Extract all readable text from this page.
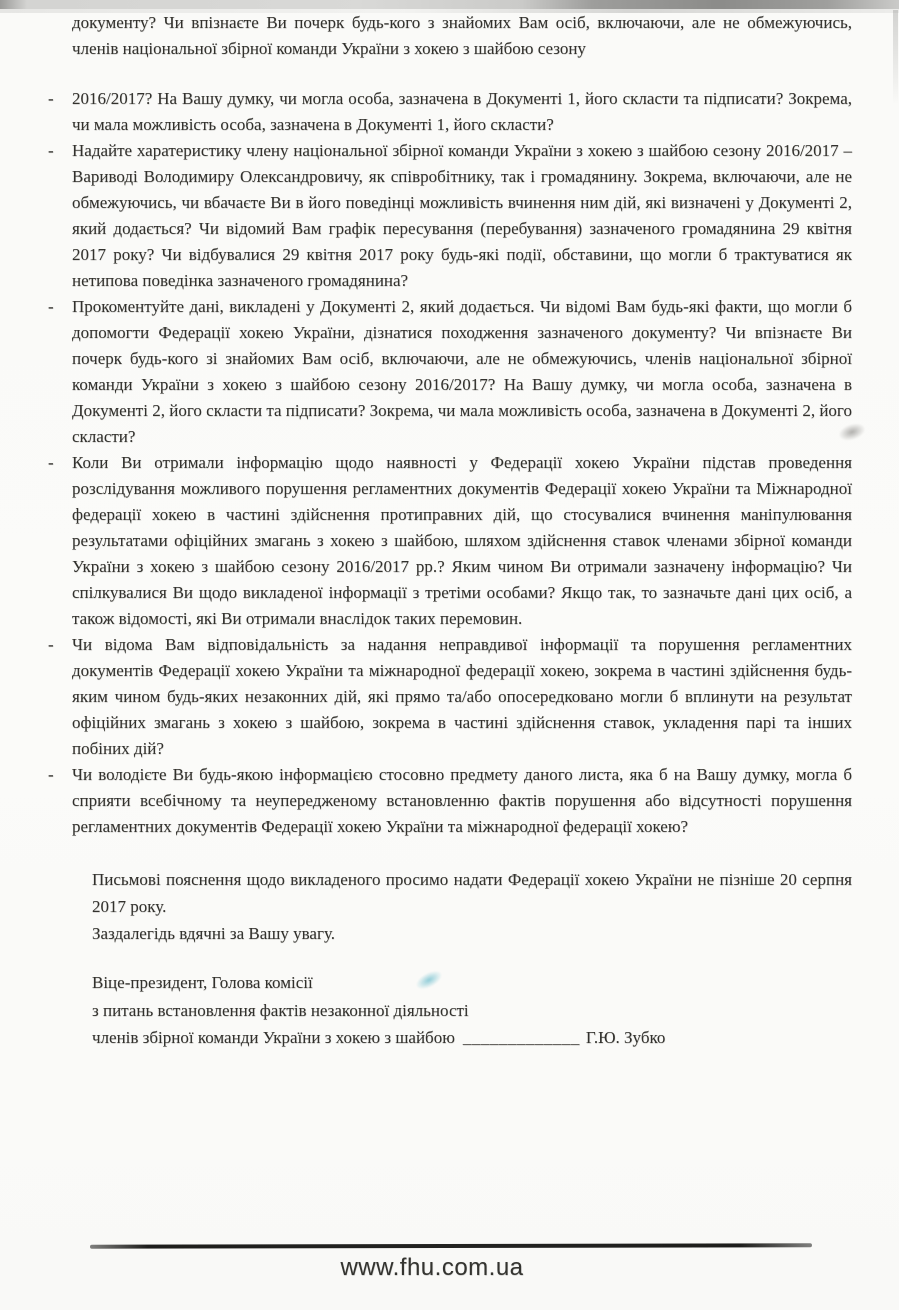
документу? Чи впізнаєте Ви почерк будь-кого з знайомих Вам осіб, включаючи, але не обмежуючись, членів національної збірної команди України з хокею з шайбою сезону

- 2016/2017? На Вашу думку, чи могла особа, зазначена в Документі 1, його скласти та підписати? Зокрема, чи мала можливість особа, зазначена в Документі 1, його скласти?
- Надайте харатеристику члену національної збірної команди України з хокею з шайбою сезону 2016/2017 – Вариводі Володимиру Олександровичу, як співробітнику, так і громадянину. Зокрема, включаючи, але не обмежуючись, чи вбачаєте Ви в його поведінці можливість вчинення ним дій, які визначені у Документі 2, який додається? Чи відомий Вам графік пересування (перебування) зазначеного громадянина 29 квітня 2017 року? Чи відбувалися 29 квітня 2017 року будь-які події, обставини, що могли б трактуватися як нетипова поведінка зазначеного громадянина?
- Прокоментуйте дані, викладені у Документі 2, який додається. Чи відомі Вам будь-які факти, що могли б допомогти Федерації хокею України, дізнатися походження зазначеного документу? Чи впізнаєте Ви почерк будь-кого зі знайомих Вам осіб, включаючи, але не обмежуючись, членів національної збірної команди України з хокею з шайбою сезону 2016/2017? На Вашу думку, чи могла особа, зазначена в Документі 2, його скласти та підписати? Зокрема, чи мала можливість особа, зазначена в Документі 2, його скласти?
- Коли Ви отримали інформацію щодо наявності у Федерації хокею України підстав проведення розслідування можливого порушення регламентних документів Федерації хокею України та Міжнародної федерації хокею в частині здійснення протиправних дій, що стосувалися вчинення маніпулювання результатами офіційних змагань з хокею з шайбою, шляхом здійснення ставок членами збірної команди України з хокею з шайбою сезону 2016/2017 рр.? Яким чином Ви отримали зазначену інформацію? Чи спілкувалися Ви щодо викладеної інформації з третіми особами? Якщо так, то зазначьте дані цих осіб, а також відомості, які Ви отримали внаслідок таких перемовин.
- Чи відома Вам відповідальність за надання неправдивої інформації та порушення регламентних документів Федерації хокею України та міжнародної федерації хокею, зокрема в частині здійснення будь-яким чином будь-яких незаконних дій, які прямо та/або опосередковано могли б вплинути на результат офіційних змагань з хокею з шайбою, зокрема в частині здійснення ставок, укладення парі та інших побіних дій?
- Чи володієте Ви будь-якою інформацією стосовно предмету даного листа, яка б на Вашу думку, могла б сприяти всебічному та неупередженому встановленню фактів порушення або відсутності порушення регламентних документів Федерації хокею України та міжнародної федерації хокею?

Письмові пояснення щодо викладеного просимо надати Федерації хокею України не пізніше 20 серпня 2017 року.

Заздалегідь вдячні за Вашу увагу.

Віце-президент, Голова комісії

з питань встановлення фактів незаконної діяльності

членів збірної команди України з хокею з шайбою _____________ Г.Ю. Зубко

www.fhu.com.ua
